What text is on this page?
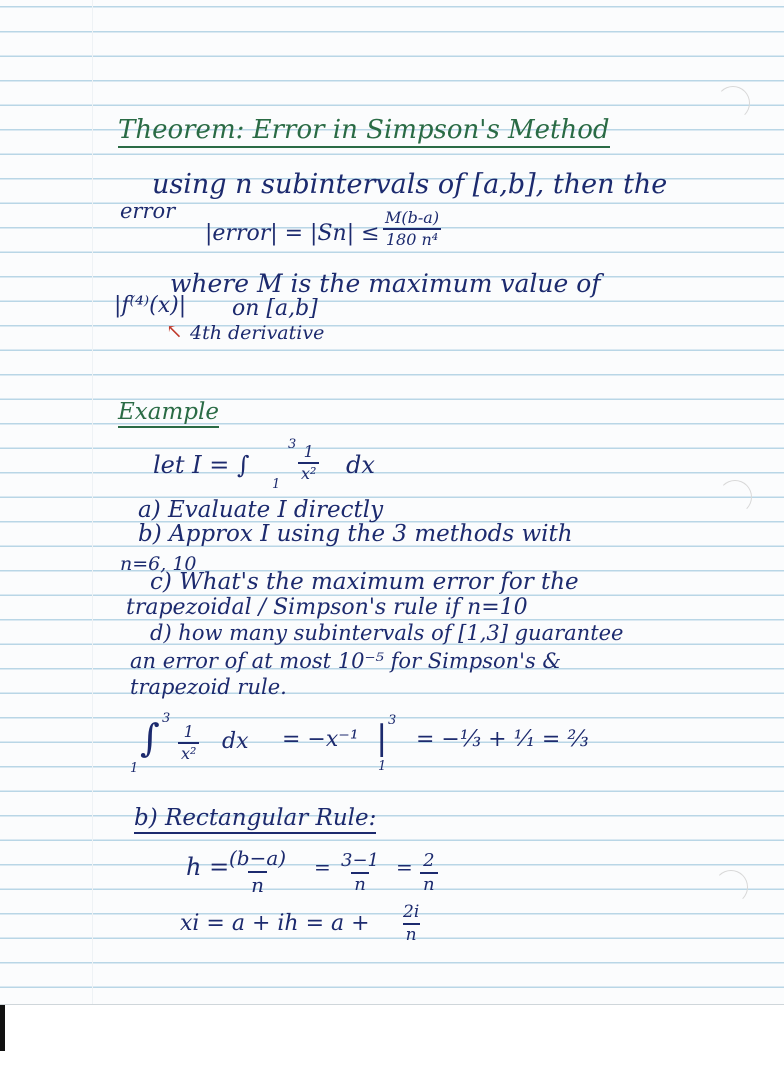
Theorem: Error in Simpson's Method
using n subintervals of [a,b], then the
error
|error| = $|Sn| \le \frac{M(b-a)}{\text{180 n⁴}}$
where M is the maximum value of
|f⁽⁴⁾(x)| on [a,b]
↖ 4th derivative
Example
let I = ∫
3
1
$\frac{1}{\text{x²}}$ dx
a) Evaluate I directly
b) Approx I using the 3 methods with
n=6, 10
c) What's the maximum error for the
trapezoidal / Simpson's rule if n=10
d) how many subintervals of [1,3] guarantee
an error of at most 10⁻⁵ for Simpson's &
trapezoid rule.
∫ 3
1
$\frac{1}{\text{x²}}$ dx = −x⁻¹ | 3
1
= −⅓ + ¹⁄₁ = ⅔
b) Rectangular Rule:
h =
$\frac{(b-a)}{n} = \frac{3-1}{n} = \frac{2}{n}$
xi = a + ih = $a + \frac{2i}{n}$
